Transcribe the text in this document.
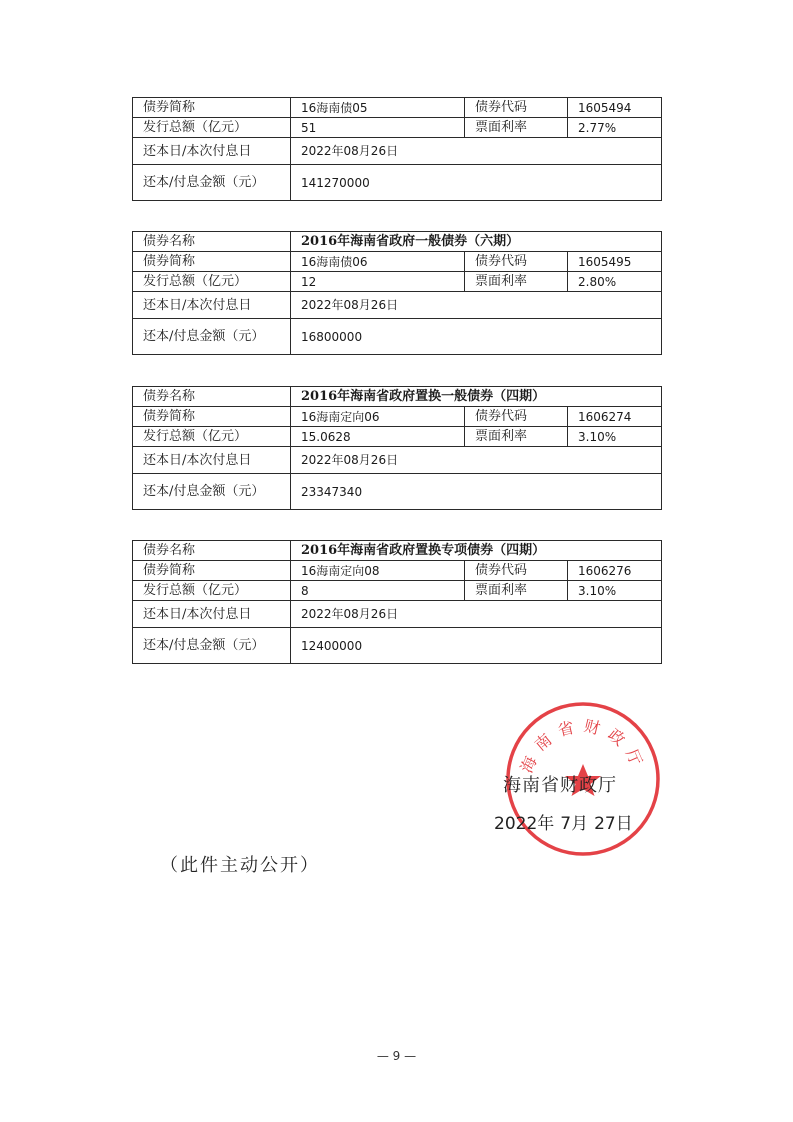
债券简称	16海南债05	债券代码	1605494
发行总额（亿元）	51	票面利率	2.77%
还本日/本次付息日	2022年08月26日		
还本/付息金额（元）	141270000		
债券名称	2016年海南省政府一般债券（六期）		
债券简称	16海南债06	债券代码	1605495
发行总额（亿元）	12	票面利率	2.80%
还本日/本次付息日	2022年08月26日		
还本/付息金额（元）	16800000		
债券名称	2016年海南省政府置换一般债券（四期）		
债券简称	16海南定向06	债券代码	1606274
发行总额（亿元）	15.0628	票面利率	3.10%
还本日/本次付息日	2022年08月26日		
还本/付息金额（元）	23347340		
债券名称	2016年海南省政府置换专项债券（四期）		
债券简称	16海南定向08	债券代码	1606276
发行总额（亿元）	8	票面利率	3.10%
还本日/本次付息日	2022年08月26日		
还本/付息金额（元）	12400000		
海南省财政厅
海南省财政厅
2022年 7月 27日
（此件主动公开）
— 9 —
